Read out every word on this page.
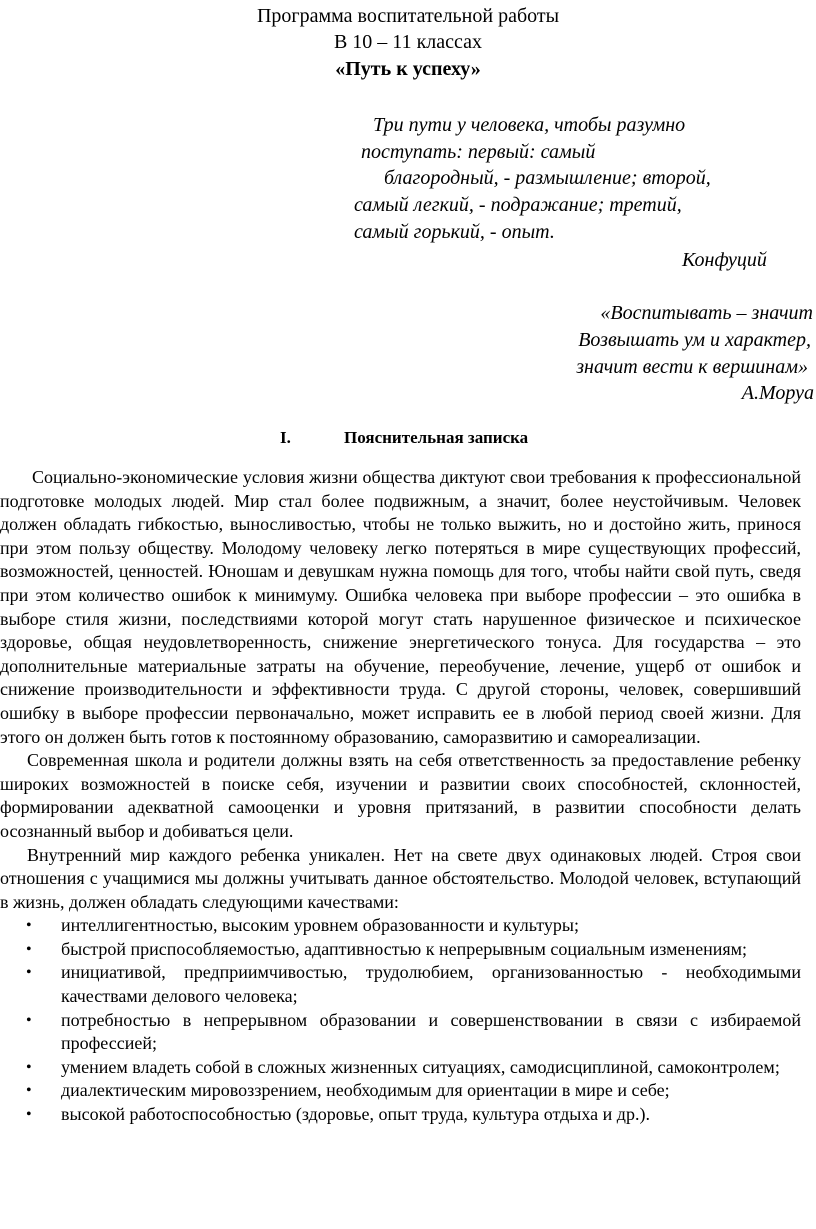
Программа воспитательной работы
В 10 – 11 классах
«Путь к успеху»
Три пути у человека, чтобы разумно
поступать: первый: самый
благородный, - размышление; второй,
самый легкий, - подражание; третий,
самый горький, - опыт.
Конфуций
«Воспитывать – значит
Возвышать ум и характер,
значит вести к вершинам»
А.Моруа
I.	Пояснительная записка

Социально-экономические условия жизни общества диктуют свои требования к профессиональной подготовке молодых людей. Мир стал более подвижным, а значит, более неустойчивым. Человек должен обладать гибкостью, выносливостью, чтобы не только выжить, но и достойно жить, принося при этом пользу обществу. Молодому человеку легко потеряться в мире существующих профессий, возможностей, ценностей. Юношам и девушкам нужна помощь для того, чтобы найти свой путь, сведя при этом количество ошибок к минимуму. Ошибка человека при выборе профессии – это ошибка в выборе стиля жизни, последствиями которой могут стать нарушенное физическое и психическое здоровье, общая неудовлетворенность, снижение энергетического тонуса. Для государства – это дополнительные материальные затраты на обучение, переобучение, лечение, ущерб от ошибок и снижение производительности и эффективности труда. С другой стороны, человек, совершивший ошибку в выборе профессии первоначально, может исправить ее в любой период своей жизни. Для этого он должен быть готов к постоянному образованию, саморазвитию и самореализации.

Современная школа и родители должны взять на себя ответственность за предоставление ребенку широких возможностей в поиске себя, изучении и развитии своих способностей, склонностей, формировании адекватной самооценки и уровня притязаний, в развитии способности делать осознанный выбор и добиваться цели.

Внутренний мир каждого ребенка уникален. Нет на свете двух одинаковых людей. Строя свои отношения с учащимися мы должны учитывать данное обстоятельство. Молодой человек, вступающий в жизнь, должен обладать следующими качествами:

• интеллигентностью, высоким уровнем образованности и культуры;
• быстрой приспособляемостью, адаптивностью к непрерывным социальным изменениям;
• инициативой, предприимчивостью, трудолюбием, организованностью - необходимыми качествами делового человека;
• потребностью в непрерывном образовании и совершенствовании в связи с избираемой профессией;
• умением владеть собой в сложных жизненных ситуациях, самодисциплиной, самоконтролем;
• диалектическим мировоззрением, необходимым для ориентации в мире и себе;
• высокой работоспособностью (здоровье, опыт труда, культура отдыха и др.).
